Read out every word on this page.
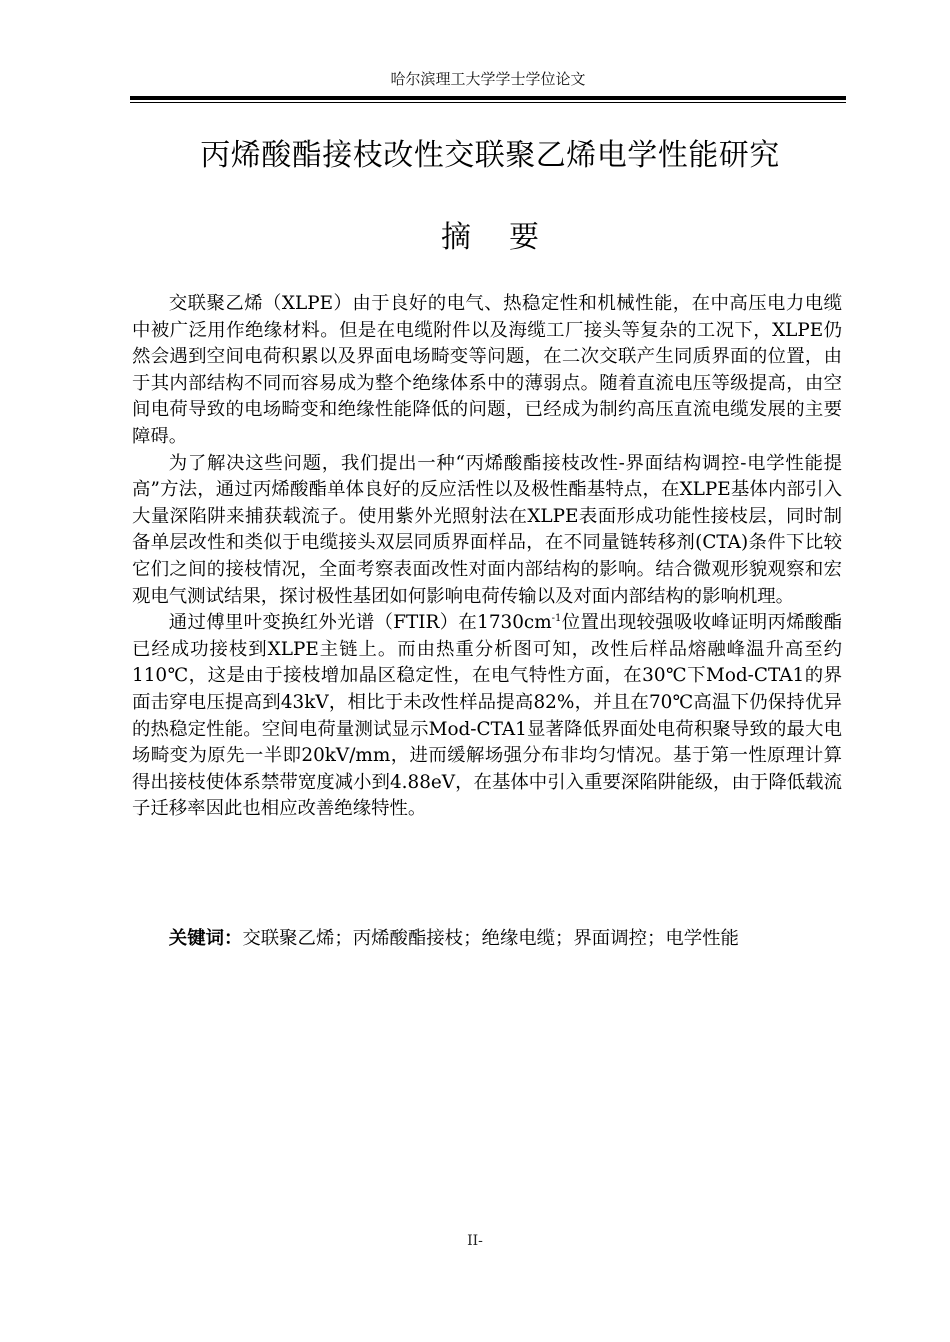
哈尔滨理工大学学士学位论文
丙烯酸酯接枝改性交联聚乙烯电学性能研究
摘要

交联聚乙烯（XLPE）由于良好的电气、热稳定性和机械性能，在中高压电力电缆中被广泛用作绝缘材料。但是在电缆附件以及海缆工厂接头等复杂的工况下，XLPE仍然会遇到空间电荷积累以及界面电场畸变等问题，在二次交联产生同质界面的位置，由于其内部结构不同而容易成为整个绝缘体系中的薄弱点。随着直流电压等级提高，由空间电荷导致的电场畸变和绝缘性能降低的问题，已经成为制约高压直流电缆发展的主要障碍。

为了解决这些问题，我们提出一种“丙烯酸酯接枝改性-界面结构调控-电学性能提高”方法，通过丙烯酸酯单体良好的反应活性以及极性酯基特点，在XLPE基体内部引入大量深陷阱来捕获载流子。使用紫外光照射法在XLPE表面形成功能性接枝层，同时制备单层改性和类似于电缆接头双层同质界面样品，在不同量链转移剂(CTA)条件下比较它们之间的接枝情况，全面考察表面改性对面内部结构的影响。结合微观形貌观察和宏观电气测试结果，探讨极性基团如何影响电荷传输以及对面内部结构的影响机理。

通过傅里叶变换红外光谱（FTIR）在$1730cm^{-1}$位置出现较强吸收峰证明丙烯酸酯已经成功接枝到XLPE主链上。而由热重分析图可知，改性后样品熔融峰温升高至约110℃，这是由于接枝增加晶区稳定性，在电气特性方面，在30℃下Mod-CTA1的界面击穿电压提高到43kV，相比于未改性样品提高82%，并且在70℃高温下仍保持优异的热稳定性能。空间电荷量测试显示Mod-CTA1显著降低界面处电荷积聚导致的最大电场畸变为原先一半即20kV/mm，进而缓解场强分布非均匀情况。基于第一性原理计算得出接枝使体系禁带宽度减小到4.88eV，在基体中引入重要深陷阱能级，由于降低载流子迁移率因此也相应改善绝缘特性。

关键词：交联聚乙烯；丙烯酸酯接枝；绝缘电缆；界面调控；电学性能
II-
